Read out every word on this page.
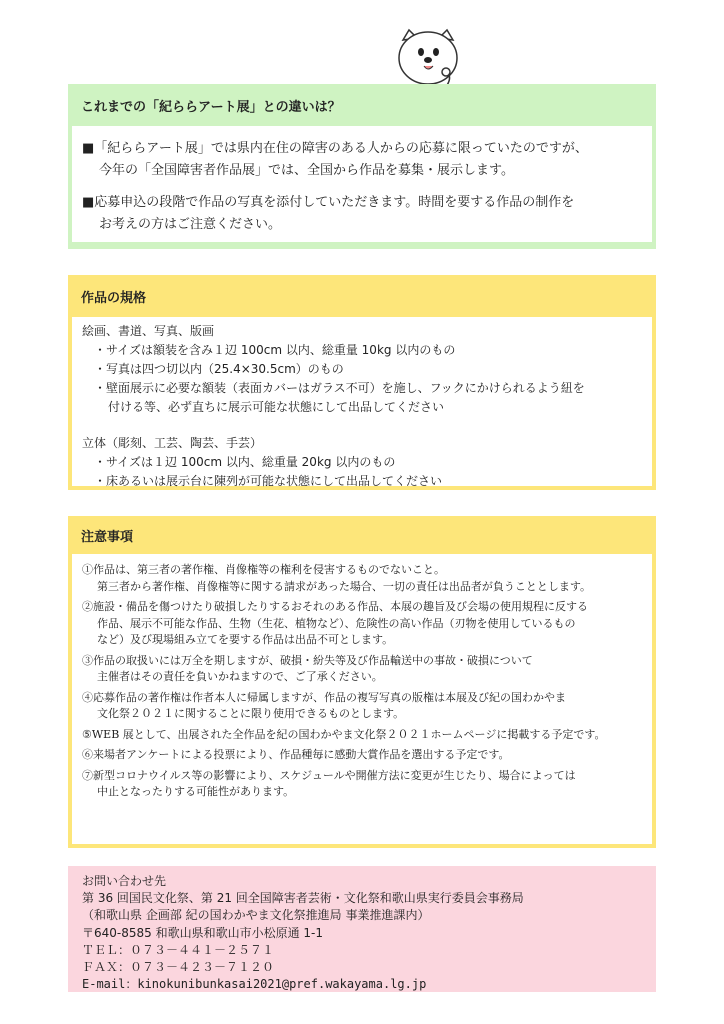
これまでの「紀ららアート展」との違いは？
■「紀ららアート展」では県内在住の障害のある人からの応募に限っていたのですが、
今年の「全国障害者作品展」では、全国から作品を募集・展示します。
■応募申込の段階で作品の写真を添付していただきます。時間を要する作品の制作を
お考えの方はご注意ください。
作品の規格
絵画、書道、写真、版画
・サイズは額装を含み１辺 100cm 以内、総重量 10kg 以内のもの
・写真は四つ切以内（25.4×30.5cm）のもの
・壁面展示に必要な額装（表面カバーはガラス不可）を施し、フックにかけられるよう紐を
付ける等、必ず直ちに展示可能な状態にして出品してください
立体（彫刻、工芸、陶芸、手芸）
・サイズは１辺 100cm 以内、総重量 20kg 以内のもの
・床あるいは展示台に陳列が可能な状態にして出品してください
注意事項
①作品は、第三者の著作権、肖像権等の権利を侵害するものでないこと。
第三者から著作権、肖像権等に関する請求があった場合、一切の責任は出品者が負うこととします。
②施設・備品を傷つけたり破損したりするおそれのある作品、本展の趣旨及び会場の使用規程に反する
作品、展示不可能な作品、生物（生花、植物など）、危険性の高い作品（刃物を使用しているもの
など）及び現場組み立てを要する作品は出品不可とします。
③作品の取扱いには万全を期しますが、破損・紛失等及び作品輸送中の事故・破損について
主催者はその責任を負いかねますので、ご了承ください。
④応募作品の著作権は作者本人に帰属しますが、作品の複写写真の版権は本展及び紀の国わかやま
文化祭２０２１に関することに限り使用できるものとします。
⑤WEB 展として、出展された全作品を紀の国わかやま文化祭２０２１ホームページに掲載する予定です。
⑥来場者アンケートによる投票により、作品種毎に感動大賞作品を選出する予定です。
⑦新型コロナウイルス等の影響により、スケジュールや開催方法に変更が生じたり、場合によっては
中止となったりする可能性があります。
お問い合わせ先
第 36 回国民文化祭、第 21 回全国障害者芸術・文化祭和歌山県実行委員会事務局
（和歌山県 企画部 紀の国わかやま文化祭推進局 事業推進課内）
〒640-8585 和歌山県和歌山市小松原通 1-1
ＴＥＬ：０７３－４４１－２５７１
ＦＡＸ：０７３－４２３－７１２０
E-mail：kinokunibunkasai2021@pref.wakayama.lg.jp
